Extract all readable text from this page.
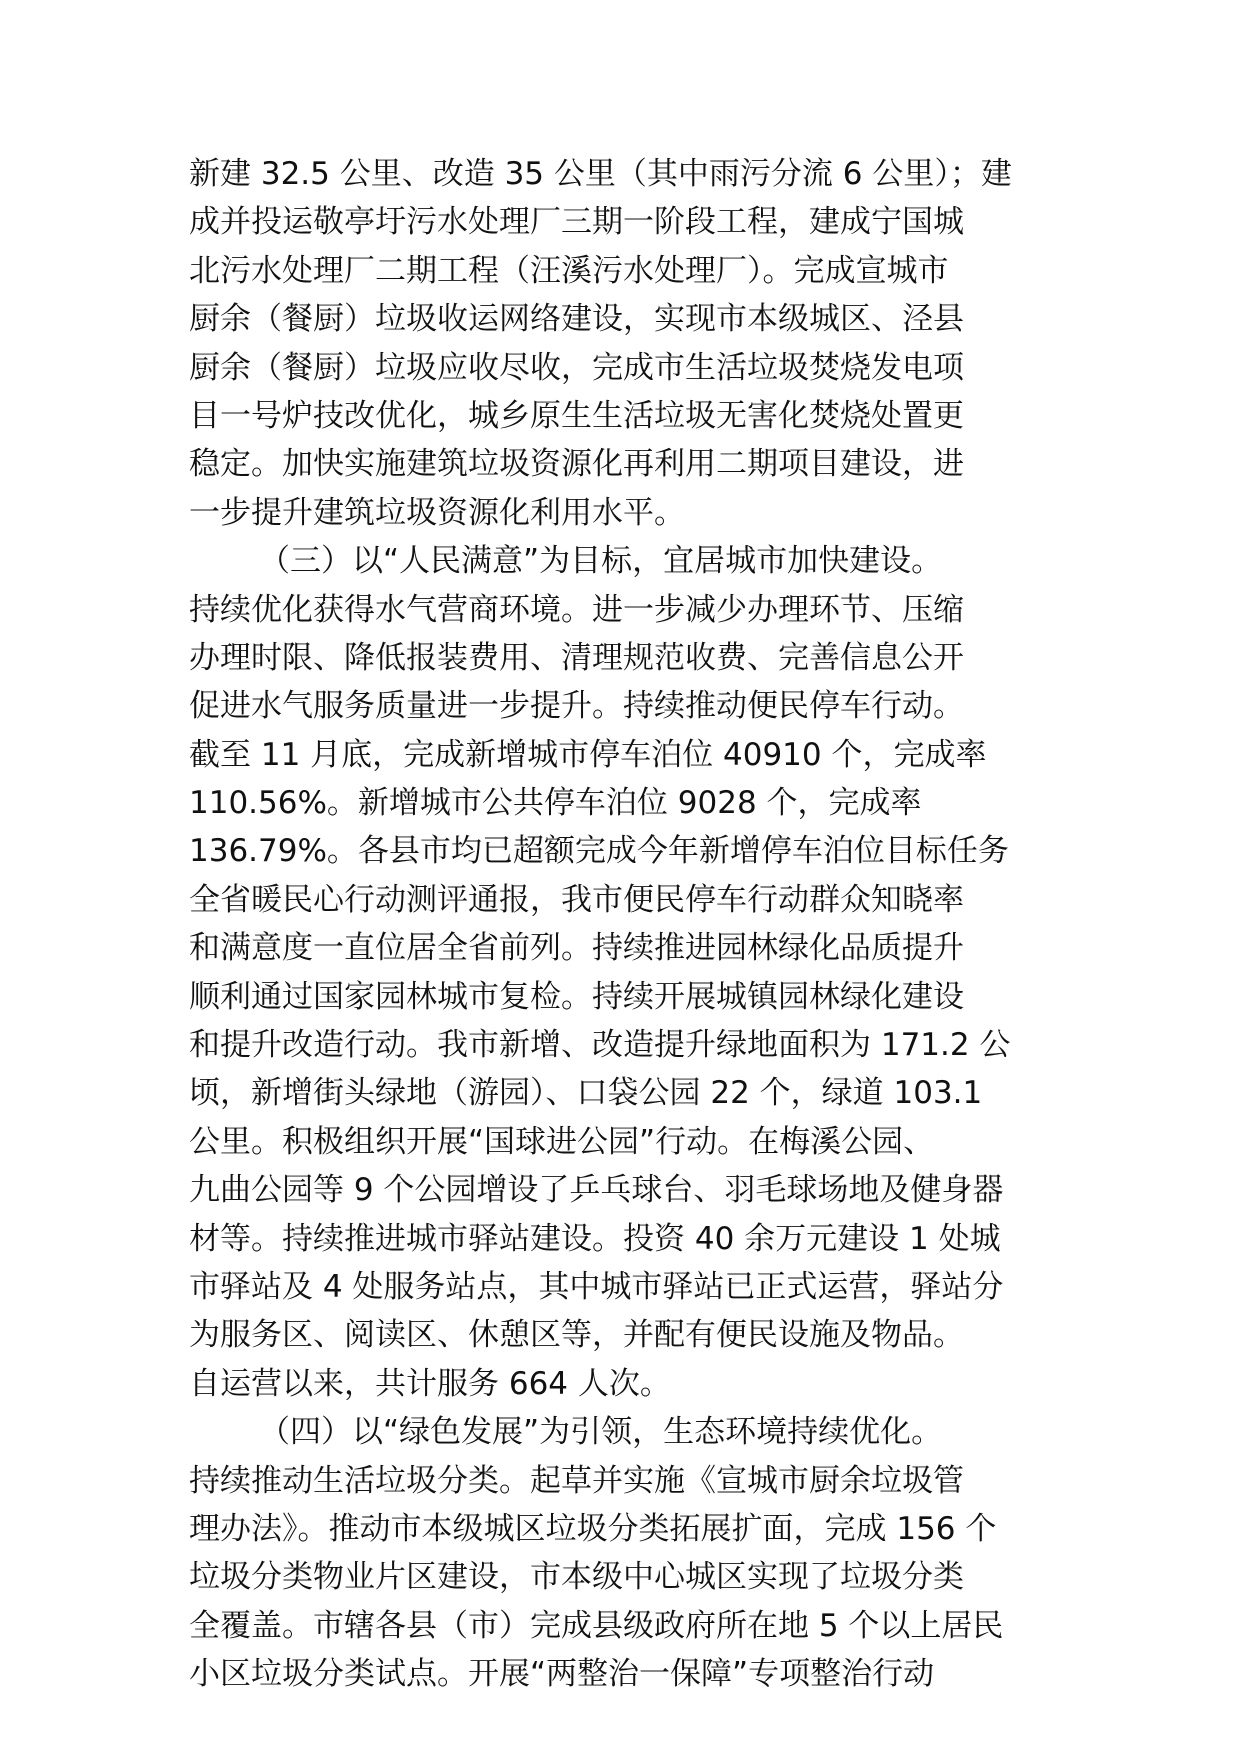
新建 32.5 公里、改造 35 公里（其中雨污分流 6 公里）；建
成并投运敬亭圩污水处理厂三期一阶段工程，建成宁国城
北污水处理厂二期工程（汪溪污水处理厂）。完成宣城市
厨余（餐厨）垃圾收运网络建设，实现市本级城区、泾县
厨余（餐厨）垃圾应收尽收，完成市生活垃圾焚烧发电项
目一号炉技改优化，城乡原生生活垃圾无害化焚烧处置更
稳定。加快实施建筑垃圾资源化再利用二期项目建设，进
一步提升建筑垃圾资源化利用水平。
（三）以“人民满意”为目标，宜居城市加快建设。
持续优化获得水气营商环境。进一步减少办理环节、压缩
办理时限、降低报装费用、清理规范收费、完善信息公开
促进水气服务质量进一步提升。持续推动便民停车行动。
截至 11 月底，完成新增城市停车泊位 40910 个，完成率
110.56%。新增城市公共停车泊位 9028 个，完成率
136.79%。各县市均已超额完成今年新增停车泊位目标任务
全省暖民心行动测评通报，我市便民停车行动群众知晓率
和满意度一直位居全省前列。持续推进园林绿化品质提升
顺利通过国家园林城市复检。持续开展城镇园林绿化建设
和提升改造行动。我市新增、改造提升绿地面积为 171.2 公
顷，新增街头绿地（游园）、口袋公园 22 个，绿道 103.1
公里。积极组织开展“国球进公园”行动。在梅溪公园、
九曲公园等 9 个公园增设了乒乓球台、羽毛球场地及健身器
材等。持续推进城市驿站建设。投资 40 余万元建设 1 处城
市驿站及 4 处服务站点，其中城市驿站已正式运营，驿站分
为服务区、阅读区、休憩区等，并配有便民设施及物品。
自运营以来，共计服务 664 人次。
（四）以“绿色发展”为引领，生态环境持续优化。
持续推动生活垃圾分类。起草并实施《宣城市厨余垃圾管
理办法》。推动市本级城区垃圾分类拓展扩面，完成 156 个
垃圾分类物业片区建设，市本级中心城区实现了垃圾分类
全覆盖。市辖各县（市）完成县级政府所在地 5 个以上居民
小区垃圾分类试点。开展“两整治一保障”专项整治行动
